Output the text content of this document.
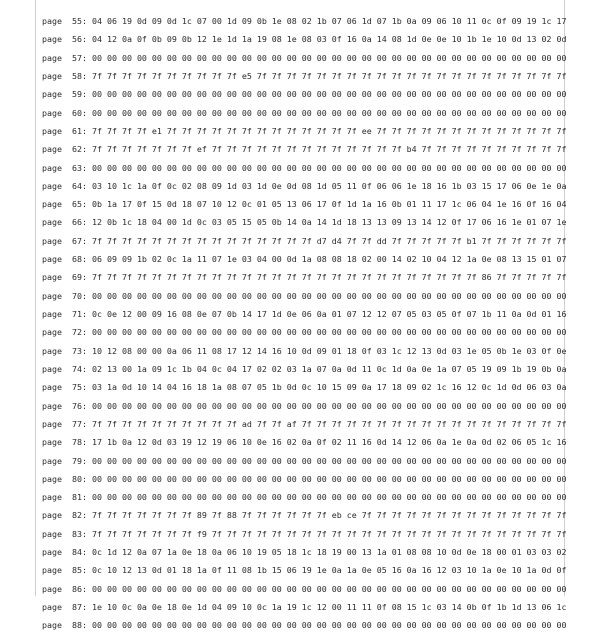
page 55: 04 06 19 0d 09 0d 1c 07 00 1d 09 0b 1e 08 02 1b 07 06 1d 07 1b 0a 09 06 10 11 0c 0f 09 19 1c 17
page 56: 04 12 0a 0f 0b 09 0b 12 1e 1d 1a 19 08 1e 08 03 0f 16 0a 14 08 1d 0e 0e 10 1b 1e 10 0d 13 02 0d
page 57: 00 00 00 00 00 00 00 00 00 00 00 00 00 00 00 00 00 00 00 00 00 00 00 00 00 00 00 00 00 00 00 00
page 58: 7f 7f 7f 7f 7f 7f 7f 7f 7f 7f e5 7f 7f 7f 7f 7f 7f 7f 7f 7f 7f 7f 7f 7f 7f 7f 7f 7f 7f 7f 7f 7f
page 59: 00 00 00 00 00 00 00 00 00 00 00 00 00 00 00 00 00 00 00 00 00 00 00 00 00 00 00 00 00 00 00 00
page 60: 00 00 00 00 00 00 00 00 00 00 00 00 00 00 00 00 00 00 00 00 00 00 00 00 00 00 00 00 00 00 00 00
page 61: 7f 7f 7f 7f e1 7f 7f 7f 7f 7f 7f 7f 7f 7f 7f 7f 7f 7f ee 7f 7f 7f 7f 7f 7f 7f 7f 7f 7f 7f 7f 7f
page 62: 7f 7f 7f 7f 7f 7f 7f ef 7f 7f 7f 7f 7f 7f 7f 7f 7f 7f 7f 7f 7f b4 7f 7f 7f 7f 7f 7f 7f 7f 7f 7f
page 63: 00 00 00 00 00 00 00 00 00 00 00 00 00 00 00 00 00 00 00 00 00 00 00 00 00 00 00 00 00 00 00 00
page 64: 03 10 1c 1a 0f 0c 02 08 09 1d 03 1d 0e 0d 08 1d 05 11 0f 06 06 1e 18 16 1b 03 15 17 06 0e 1e 0a
page 65: 0b 1a 17 0f 15 0d 18 07 10 12 0c 01 05 13 06 17 0f 1d 1a 16 0b 01 11 17 1c 06 04 1e 16 0f 16 04
page 66: 12 0b 1c 18 04 00 1d 0c 03 05 15 05 0b 14 0a 14 1d 18 13 13 09 13 14 12 0f 17 06 16 1e 01 07 1e
page 67: 7f 7f 7f 7f 7f 7f 7f 7f 7f 7f 7f 7f 7f 7f 7f d7 d4 7f 7f dd 7f 7f 7f 7f 7f b1 7f 7f 7f 7f 7f 7f
page 68: 06 09 09 1b 02 0c 1a 11 07 1e 03 04 00 0d 1a 08 08 18 02 00 14 02 10 04 12 1a 0e 08 13 15 01 07
page 69: 7f 7f 7f 7f 7f 7f 7f 7f 7f 7f 7f 7f 7f 7f 7f 7f 7f 7f 7f 7f 7f 7f 7f 7f 7f 7f 86 7f 7f 7f 7f 7f
page 70: 00 00 00 00 00 00 00 00 00 00 00 00 00 00 00 00 00 00 00 00 00 00 00 00 00 00 00 00 00 00 00 00
page 71: 0c 0e 12 00 09 16 08 0e 07 0b 14 17 1d 0e 06 0a 01 07 12 12 07 05 03 05 0f 07 1b 11 0a 0d 01 16
page 72: 00 00 00 00 00 00 00 00 00 00 00 00 00 00 00 00 00 00 00 00 00 00 00 00 00 00 00 00 00 00 00 00
page 73: 10 12 08 00 00 0a 06 11 08 17 12 14 16 10 0d 09 01 18 0f 03 1c 12 13 0d 03 1e 05 0b 1e 03 0f 0e
page 74: 02 13 00 1a 09 1c 1b 04 0c 04 17 02 02 03 1a 07 0a 0d 11 0c 1d 0a 0e 1a 07 05 19 09 1b 19 0b 0a
page 75: 03 1a 0d 10 14 04 16 18 1a 08 07 05 1b 0d 0c 10 15 09 0a 17 18 09 02 1c 16 12 0c 1d 0d 06 03 0a
page 76: 00 00 00 00 00 00 00 00 00 00 00 00 00 00 00 00 00 00 00 00 00 00 00 00 00 00 00 00 00 00 00 00
page 77: 7f 7f 7f 7f 7f 7f 7f 7f 7f 7f ad 7f 7f af 7f 7f 7f 7f 7f 7f 7f 7f 7f 7f 7f 7f 7f 7f 7f 7f 7f 7f
page 78: 17 1b 0a 12 0d 03 19 12 19 06 10 0e 16 02 0a 0f 02 11 16 0d 14 12 06 0a 1e 0a 0d 02 06 05 1c 16
page 79: 00 00 00 00 00 00 00 00 00 00 00 00 00 00 00 00 00 00 00 00 00 00 00 00 00 00 00 00 00 00 00 00
page 80: 00 00 00 00 00 00 00 00 00 00 00 00 00 00 00 00 00 00 00 00 00 00 00 00 00 00 00 00 00 00 00 00
page 81: 00 00 00 00 00 00 00 00 00 00 00 00 00 00 00 00 00 00 00 00 00 00 00 00 00 00 00 00 00 00 00 00
page 82: 7f 7f 7f 7f 7f 7f 7f 89 7f 88 7f 7f 7f 7f 7f 7f eb ce 7f 7f 7f 7f 7f 7f 7f 7f 7f 7f 7f 7f 7f 7f
page 83: 7f 7f 7f 7f 7f 7f 7f f9 7f 7f 7f 7f 7f 7f 7f 7f 7f 7f 7f 7f 7f 7f 7f 7f 7f 7f 7f 7f 7f 7f 7f 7f
page 84: 0c 1d 12 0a 07 1a 0e 18 0a 06 10 19 05 18 1c 18 19 00 13 1a 01 08 08 10 0d 0e 18 00 01 03 03 02
page 85: 0c 10 12 13 0d 01 18 1a 0f 11 08 1b 15 06 19 1e 0a 1a 0e 05 16 0a 16 12 03 10 1a 0e 10 1a 0d 0f
page 86: 00 00 00 00 00 00 00 00 00 00 00 00 00 00 00 00 00 00 00 00 00 00 00 00 00 00 00 00 00 00 00 00
page 87: 1e 10 0c 0a 0e 18 0e 1d 04 09 10 0c 1a 19 1c 12 00 11 11 0f 08 15 1c 03 14 0b 0f 1b 1d 13 06 1c
page 88: 00 00 00 00 00 00 00 00 00 00 00 00 00 00 00 00 00 00 00 00 00 00 00 00 00 00 00 00 00 00 00 00
